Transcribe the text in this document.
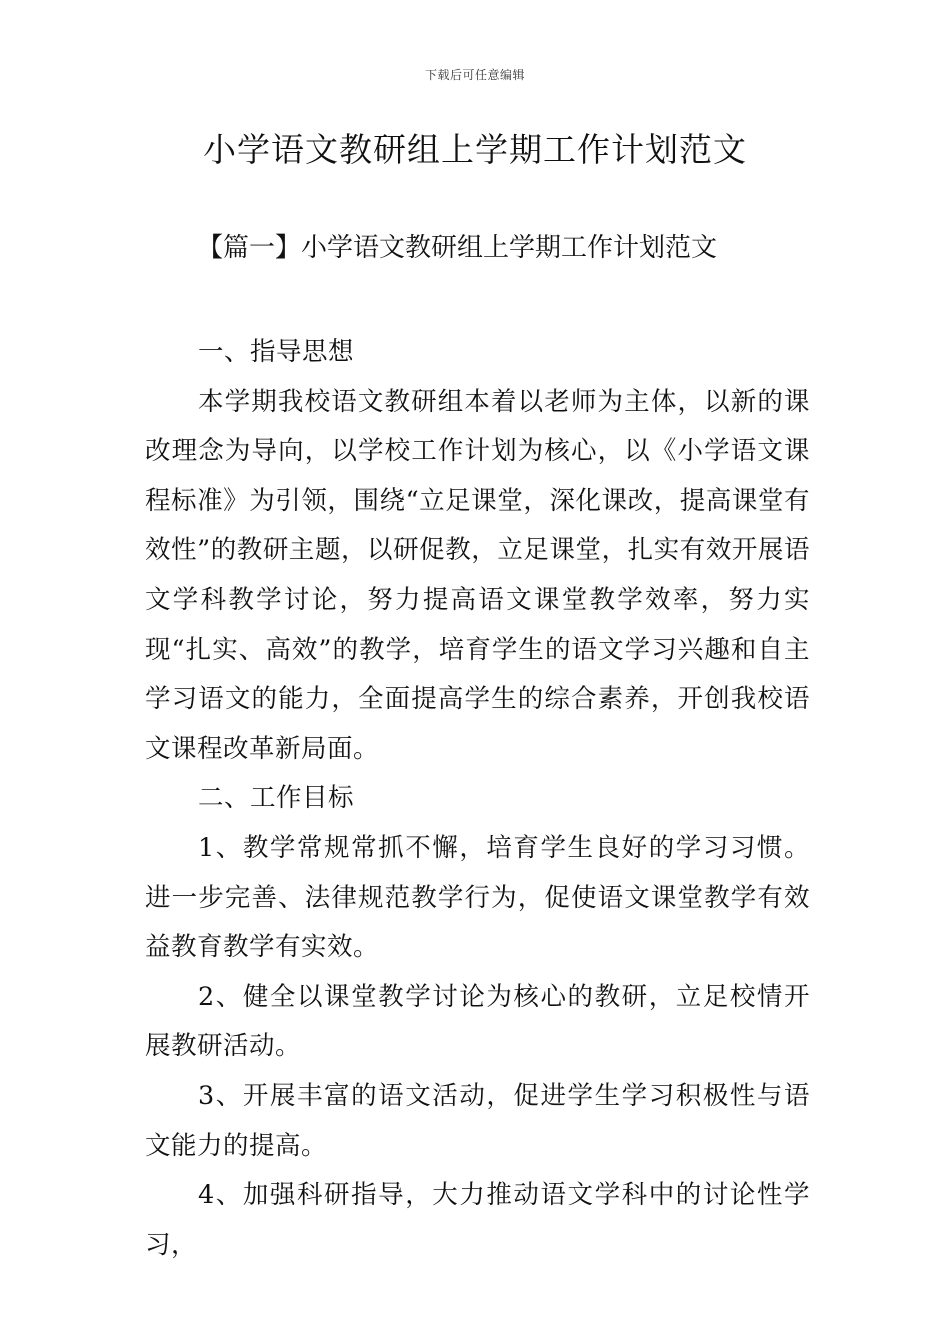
下载后可任意编辑
小学语文教研组上学期工作计划范文
【篇一】小学语文教研组上学期工作计划范文

一、指导思想

本学期我校语文教研组本着以老师为主体，以新的课改理念为导向，以学校工作计划为核心，以《小学语文课程标准》为引领，围绕“立足课堂，深化课改，提高课堂有效性”的教研主题，以研促教，立足课堂，扎实有效开展语文学科教学讨论，努力提高语文课堂教学效率，努力实现“扎实、高效”的教学，培育学生的语文学习兴趣和自主学习语文的能力，全面提高学生的综合素养，开创我校语文课程改革新局面。

二、工作目标

1、教学常规常抓不懈，培育学生良好的学习习惯。进一步完善、法律规范教学行为，促使语文课堂教学有效益教育教学有实效。

2、健全以课堂教学讨论为核心的教研，立足校情开展教研活动。

3、开展丰富的语文活动，促进学生学习积极性与语文能力的提高。

4、加强科研指导，大力推动语文学科中的讨论性学习，
